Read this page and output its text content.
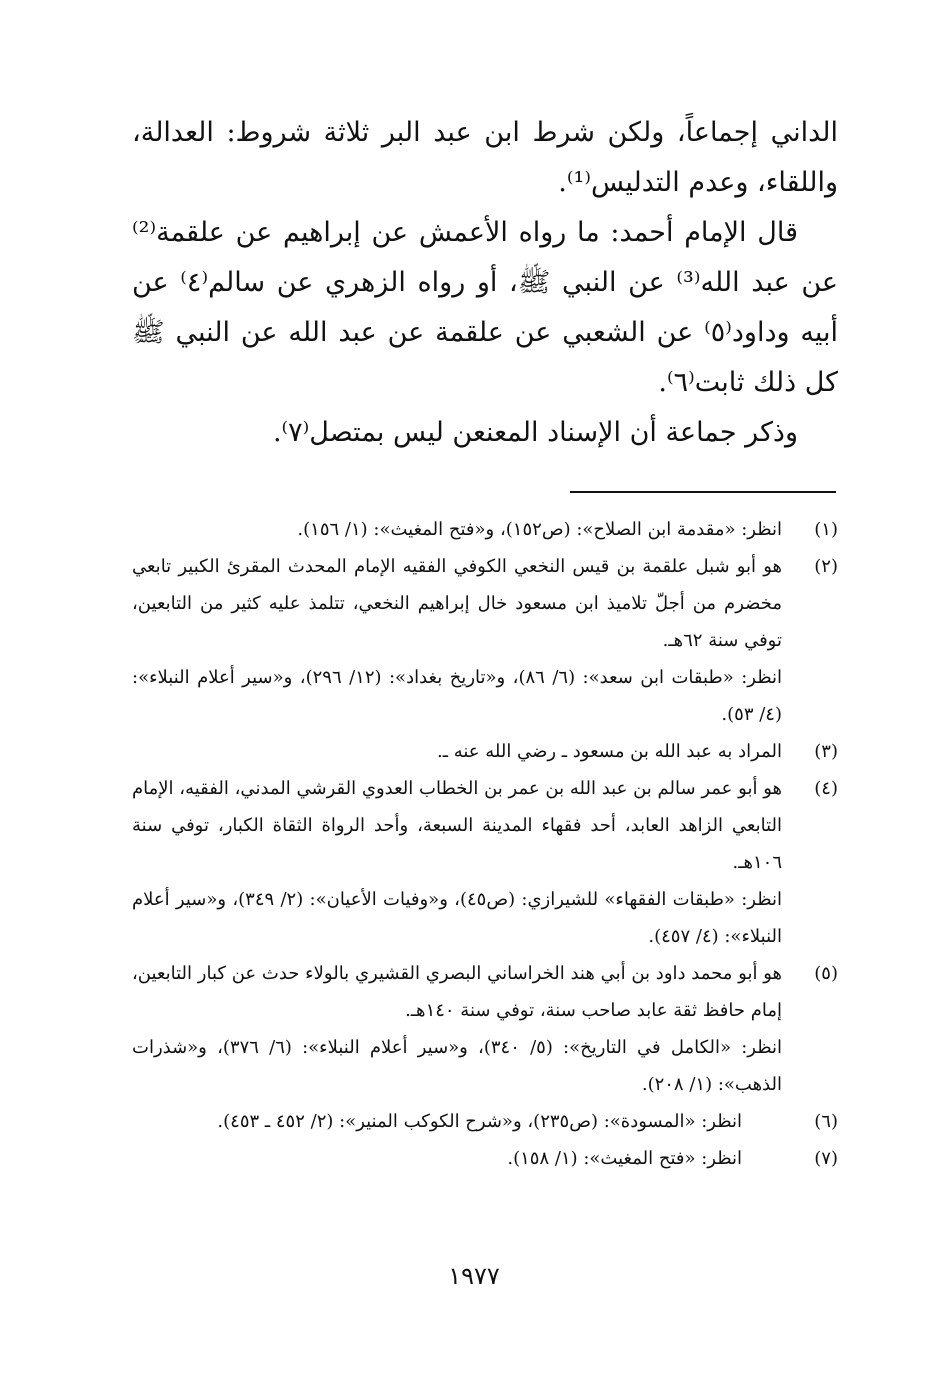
الداني إجماعاً، ولكن شرط ابن عبد البر ثلاثة شروط: العدالة، واللقاء، وعدم التدليس⁽¹⁾.

قال الإمام أحمد: ما رواه الأعمش عن إبراهيم عن علقمة⁽²⁾ عن عبد الله⁽³⁾ عن النبي ﷺ، أو رواه الزهري عن سالم⁽٤⁾ عن أبيه وداود⁽٥⁾ عن الشعبي عن علقمة عن عبد الله عن النبي ﷺ كل ذلك ثابت⁽٦⁾.

وذكر جماعة أن الإسناد المعنعن ليس بمتصل⁽٧⁾.

(١)
انظر: «مقدمة ابن الصلاح»: (ص١٥٢)، و«فتح المغيث»: (١/ ١٥٦).
(٢)
هو أبو شبل علقمة بن قيس النخعي الكوفي الفقيه الإمام المحدث المقرئ الكبير تابعي مخضرم من أجلّ تلاميذ ابن مسعود خال إبراهيم النخعي، تتلمذ عليه كثير من التابعين، توفي سنة ٦٢هـ.
انظر: «طبقات ابن سعد»: (٦/ ٨٦)، و«تاريخ بغداد»: (١٢/ ٢٩٦)، و«سير أعلام النبلاء»: (٤/ ٥٣).
(٣)
المراد به عبد الله بن مسعود ـ رضي الله عنه ـ.
(٤)
هو أبو عمر سالم بن عبد الله بن عمر بن الخطاب العدوي القرشي المدني، الفقيه، الإمام التابعي الزاهد العابد، أحد فقهاء المدينة السبعة، وأحد الرواة الثقاة الكبار، توفي سنة ١٠٦هـ.
انظر: «طبقات الفقهاء» للشيرازي: (ص٤٥)، و«وفيات الأعيان»: (٢/ ٣٤٩)، و«سير أعلام النبلاء»: (٤/ ٤٥٧).
(٥)
هو أبو محمد داود بن أبي هند الخراساني البصري القشيري بالولاء حدث عن كبار التابعين، إمام حافظ ثقة عابد صاحب سنة، توفي سنة ١٤٠هـ.
انظر: «الكامل في التاريخ»: (٥/ ٣٤٠)، و«سير أعلام النبلاء»: (٦/ ٣٧٦)، و«شذرات الذهب»: (١/ ٢٠٨).
(٦)
انظر: «المسودة»: (ص٢٣٥)، و«شرح الكوكب المنير»: (٢/ ٤٥٢ ـ ٤٥٣).
(٧)
انظر: «فتح المغيث»: (١/ ١٥٨).
١٩٧٧
